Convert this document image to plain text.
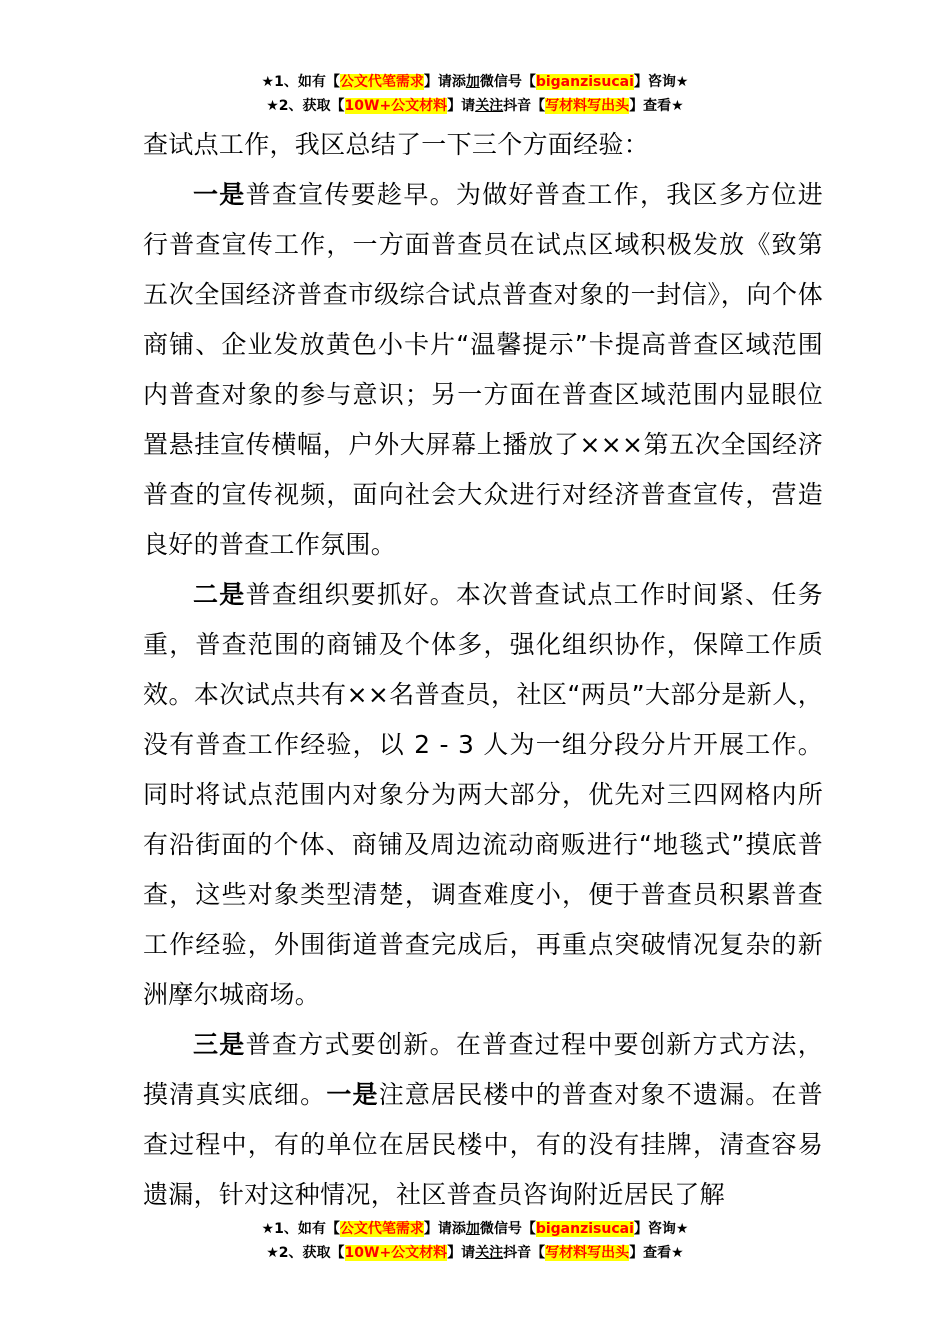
★1、如有【公文代笔需求】请添加微信号【biganzisucai】咨询★
★2、获取【10W+公文材料】请关注抖音【写材料写出头】查看★

查试点工作，我区总结了一下三个方面经验：

一是普查宣传要趁早。为做好普查工作，我区多方位进行普查宣传工作，一方面普查员在试点区域积极发放《致第五次全国经济普查市级综合试点普查对象的一封信》，向个体商铺、企业发放黄色小卡片“温馨提示”卡提高普查区域范围内普查对象的参与意识；另一方面在普查区域范围内显眼位置悬挂宣传横幅，户外大屏幕上播放了×××第五次全国经济普查的宣传视频，面向社会大众进行对经济普查宣传，营造良好的普查工作氛围。

二是普查组织要抓好。本次普查试点工作时间紧、任务重，普查范围的商铺及个体多，强化组织协作，保障工作质效。本次试点共有××名普查员，社区“两员”大部分是新人，没有普查工作经验，以 2 - 3 人为一组分段分片开展工作。同时将试点范围内对象分为两大部分，优先对三四网格内所有沿街面的个体、商铺及周边流动商贩进行“地毯式”摸底普查，这些对象类型清楚，调查难度小，便于普查员积累普查工作经验，外围街道普查完成后，再重点突破情况复杂的新洲摩尔城商场。

三是普查方式要创新。在普查过程中要创新方式方法，摸清真实底细。一是注意居民楼中的普查对象不遗漏。在普查过程中，有的单位在居民楼中，有的没有挂牌，清查容易遗漏，针对这种情况，社区普查员咨询附近居民了解

★1、如有【公文代笔需求】请添加微信号【biganzisucai】咨询★
★2、获取【10W+公文材料】请关注抖音【写材料写出头】查看★
